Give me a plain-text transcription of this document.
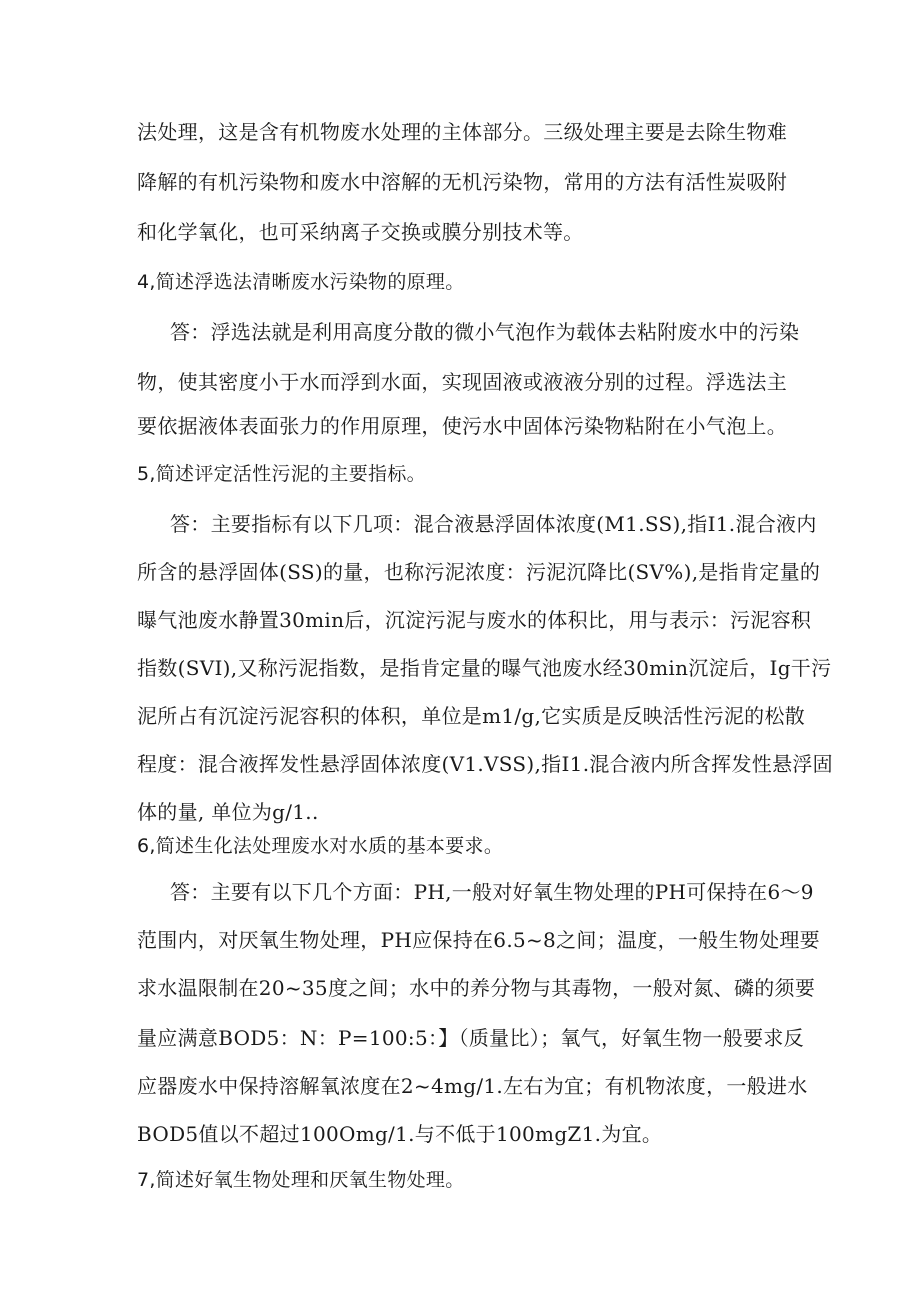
法处理，这是含有机物废水处理的主体部分。三级处理主要是去除生物难
降解的有机污染物和废水中溶解的无机污染物，常用的方法有活性炭吸附
和化学氧化，也可采纳离子交换或膜分别技术等。
4,简述浮选法清晰废水污染物的原理。
答：浮选法就是利用高度分散的微小气泡作为载体去粘附废水中的污染
物，使其密度小于水而浮到水面，实现固液或液液分别的过程。浮选法主
要依据液体表面张力的作用原理，使污水中固体污染物粘附在小气泡上。
5,简述评定活性污泥的主要指标。
答：主要指标有以下几项：混合液悬浮固体浓度(M1.SS),指I1.混合液内
所含的悬浮固体(SS)的量，也称污泥浓度：污泥沉降比(SV%),是指肯定量的
曝气池废水静置30min后，沉淀污泥与废水的体积比，用与表示：污泥容积
指数(SVI),又称污泥指数，是指肯定量的曝气池废水经30min沉淀后，Ig干污
泥所占有沉淀污泥容积的体积，单位是m1∕g,它实质是反映活性污泥的松散
程度：混合液挥发性悬浮固体浓度(V1.VSS),指I1.混合液内所含挥发性悬浮固
体的量, 单位为g∕1..
6,简述生化法处理废水对水质的基本要求。
答：主要有以下几个方面：PH,一般对好氧生物处理的PH可保持在6〜9
范围内，对厌氧生物处理，PH应保持在6.5~8之间；温度，一般生物处理要
求水温限制在20~35度之间；水中的养分物与其毒物，一般对氮、磷的须要
量应满意BOD5：N：P=100:5：】（质量比）；氧气，好氧生物一般要求反
应器废水中保持溶解氧浓度在2~4mg∕1.左右为宜；有机物浓度，一般进水
BOD5值以不超过100Omg/1.与不低于100mgZ1.为宜。
7,简述好氧生物处理和厌氧生物处理。
